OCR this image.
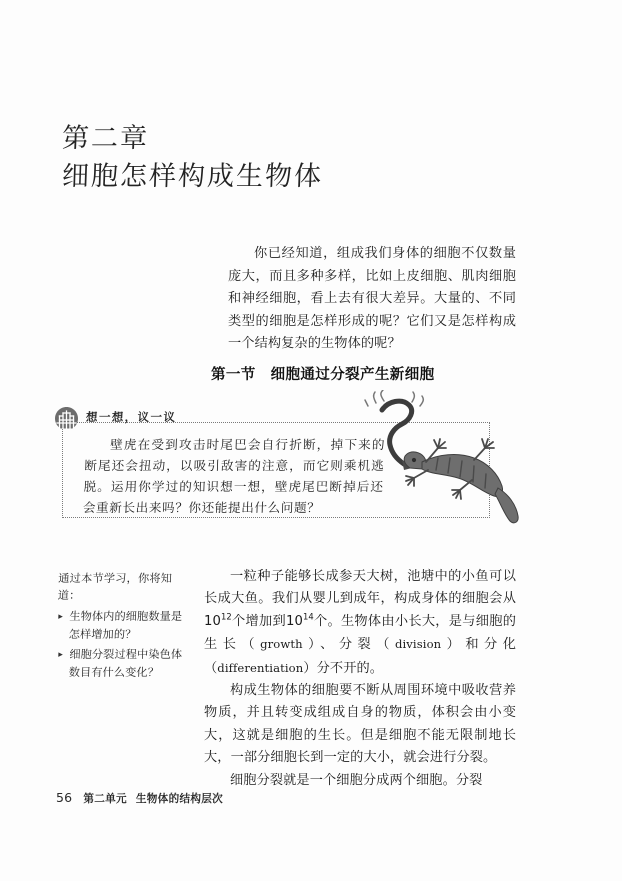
第二章
细胞怎样构成生物体
你已经知道，组成我们身体的细胞不仅数量庞大，而且多种多样，比如上皮细胞、肌肉细胞和神经细胞，看上去有很大差异。大量的、不同类型的细胞是怎样形成的呢？它们又是怎样构成一个结构复杂的生物体的呢？
第一节　细胞通过分裂产生新细胞
想一想，议一议
壁虎在受到攻击时尾巴会自行折断，掉下来的断尾还会扭动，以吸引敌害的注意，而它则乘机逃脱。运用你学过的知识想一想，壁虎尾巴断掉后还会重新长出来吗？你还能提出什么问题？
通过本节学习，你将知道：
▸ 生物体内的细胞数量是怎样增加的？
▸ 细胞分裂过程中染色体数目有什么变化？

一粒种子能够长成参天大树，池塘中的小鱼可以长成大鱼。我们从婴儿到成年，构成身体的细胞会从$10^{12}$个增加到$10^{14}$个。生物体由小长大，是与细胞的生长（growth）、分裂（division）和分化（differentiation）分不开的。

构成生物体的细胞要不断从周围环境中吸收营养物质，并且转变成组成自身的物质，体积会由小变大，这就是细胞的生长。但是细胞不能无限制地长大，一部分细胞长到一定的大小，就会进行分裂。

细胞分裂就是一个细胞分成两个细胞。分裂

56 第二单元 生物体的结构层次
